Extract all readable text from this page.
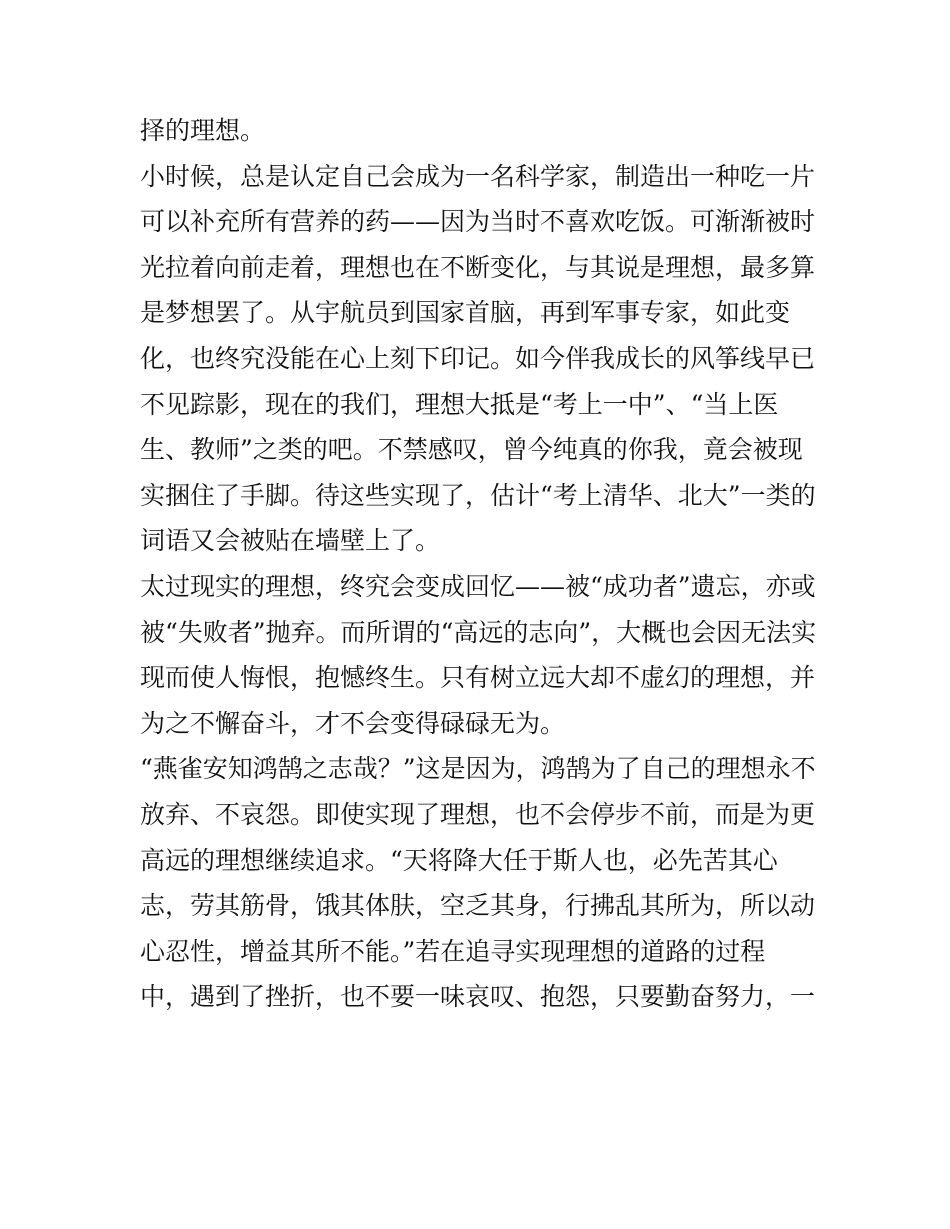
择的理想。
小时候，总是认定自己会成为一名科学家，制造出一种吃一片
可以补充所有营养的药——因为当时不喜欢吃饭。可渐渐被时
光拉着向前走着，理想也在不断变化，与其说是理想，最多算
是梦想罢了。从宇航员到国家首脑，再到军事专家，如此变
化，也终究没能在心上刻下印记。如今伴我成长的风筝线早已
不见踪影，现在的我们，理想大抵是“考上一中”、“当上医
生、教师”之类的吧。不禁感叹，曾今纯真的你我，竟会被现
实捆住了手脚。待这些实现了，估计“考上清华、北大”一类的
词语又会被贴在墙壁上了。
太过现实的理想，终究会变成回忆——被“成功者”遗忘，亦或
被“失败者”抛弃。而所谓的“高远的志向”，大概也会因无法实
现而使人悔恨，抱憾终生。只有树立远大却不虚幻的理想，并
为之不懈奋斗，才不会变得碌碌无为。
“燕雀安知鸿鹄之志哉？”这是因为，鸿鹄为了自己的理想永不
放弃、不哀怨。即使实现了理想，也不会停步不前，而是为更
高远的理想继续追求。“天将降大任于斯人也，必先苦其心
志，劳其筋骨，饿其体肤，空乏其身，行拂乱其所为，所以动
心忍性，增益其所不能。”若在追寻实现理想的道路的过程
中，遇到了挫折，也不要一味哀叹、抱怨，只要勤奋努力，一
